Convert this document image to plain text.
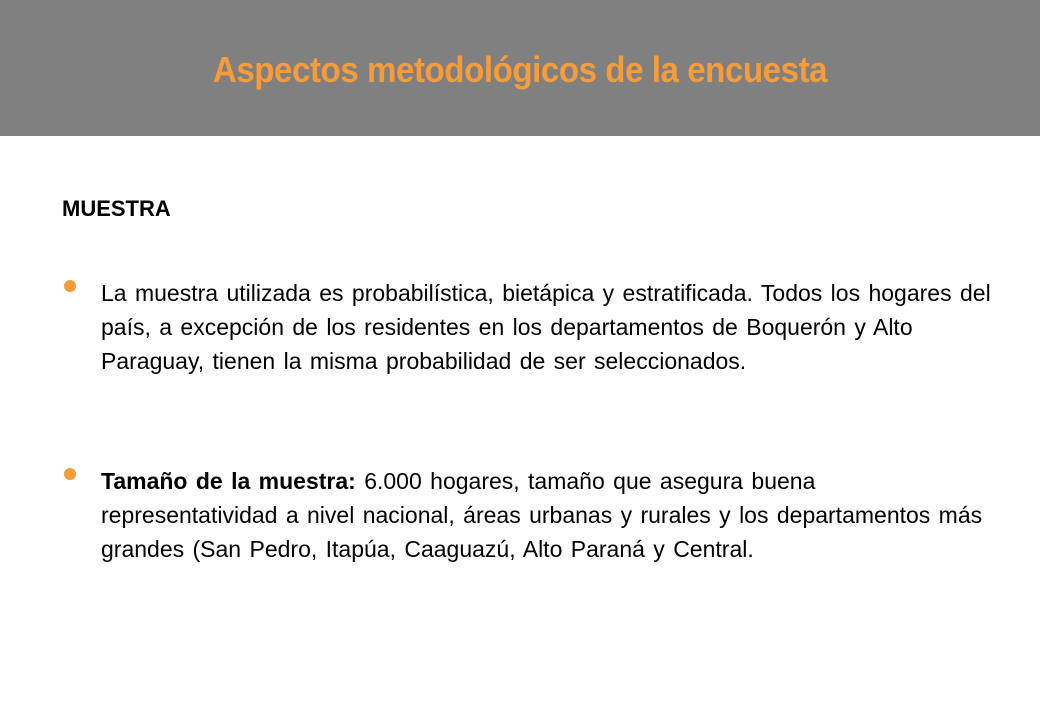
Aspectos metodológicos de la encuesta
MUESTRA
La muestra utilizada es probabilística, bietápica y estratificada. Todos los hogares del país, a excepción de los residentes en los departamentos de Boquerón y Alto Paraguay, tienen la misma probabilidad de ser seleccionados.
Tamaño de la muestra: 6.000 hogares, tamaño que asegura buena representatividad a nivel nacional, áreas urbanas y rurales y los departamentos más grandes (San Pedro, Itapúa, Caaguazú, Alto Paraná y Central.
